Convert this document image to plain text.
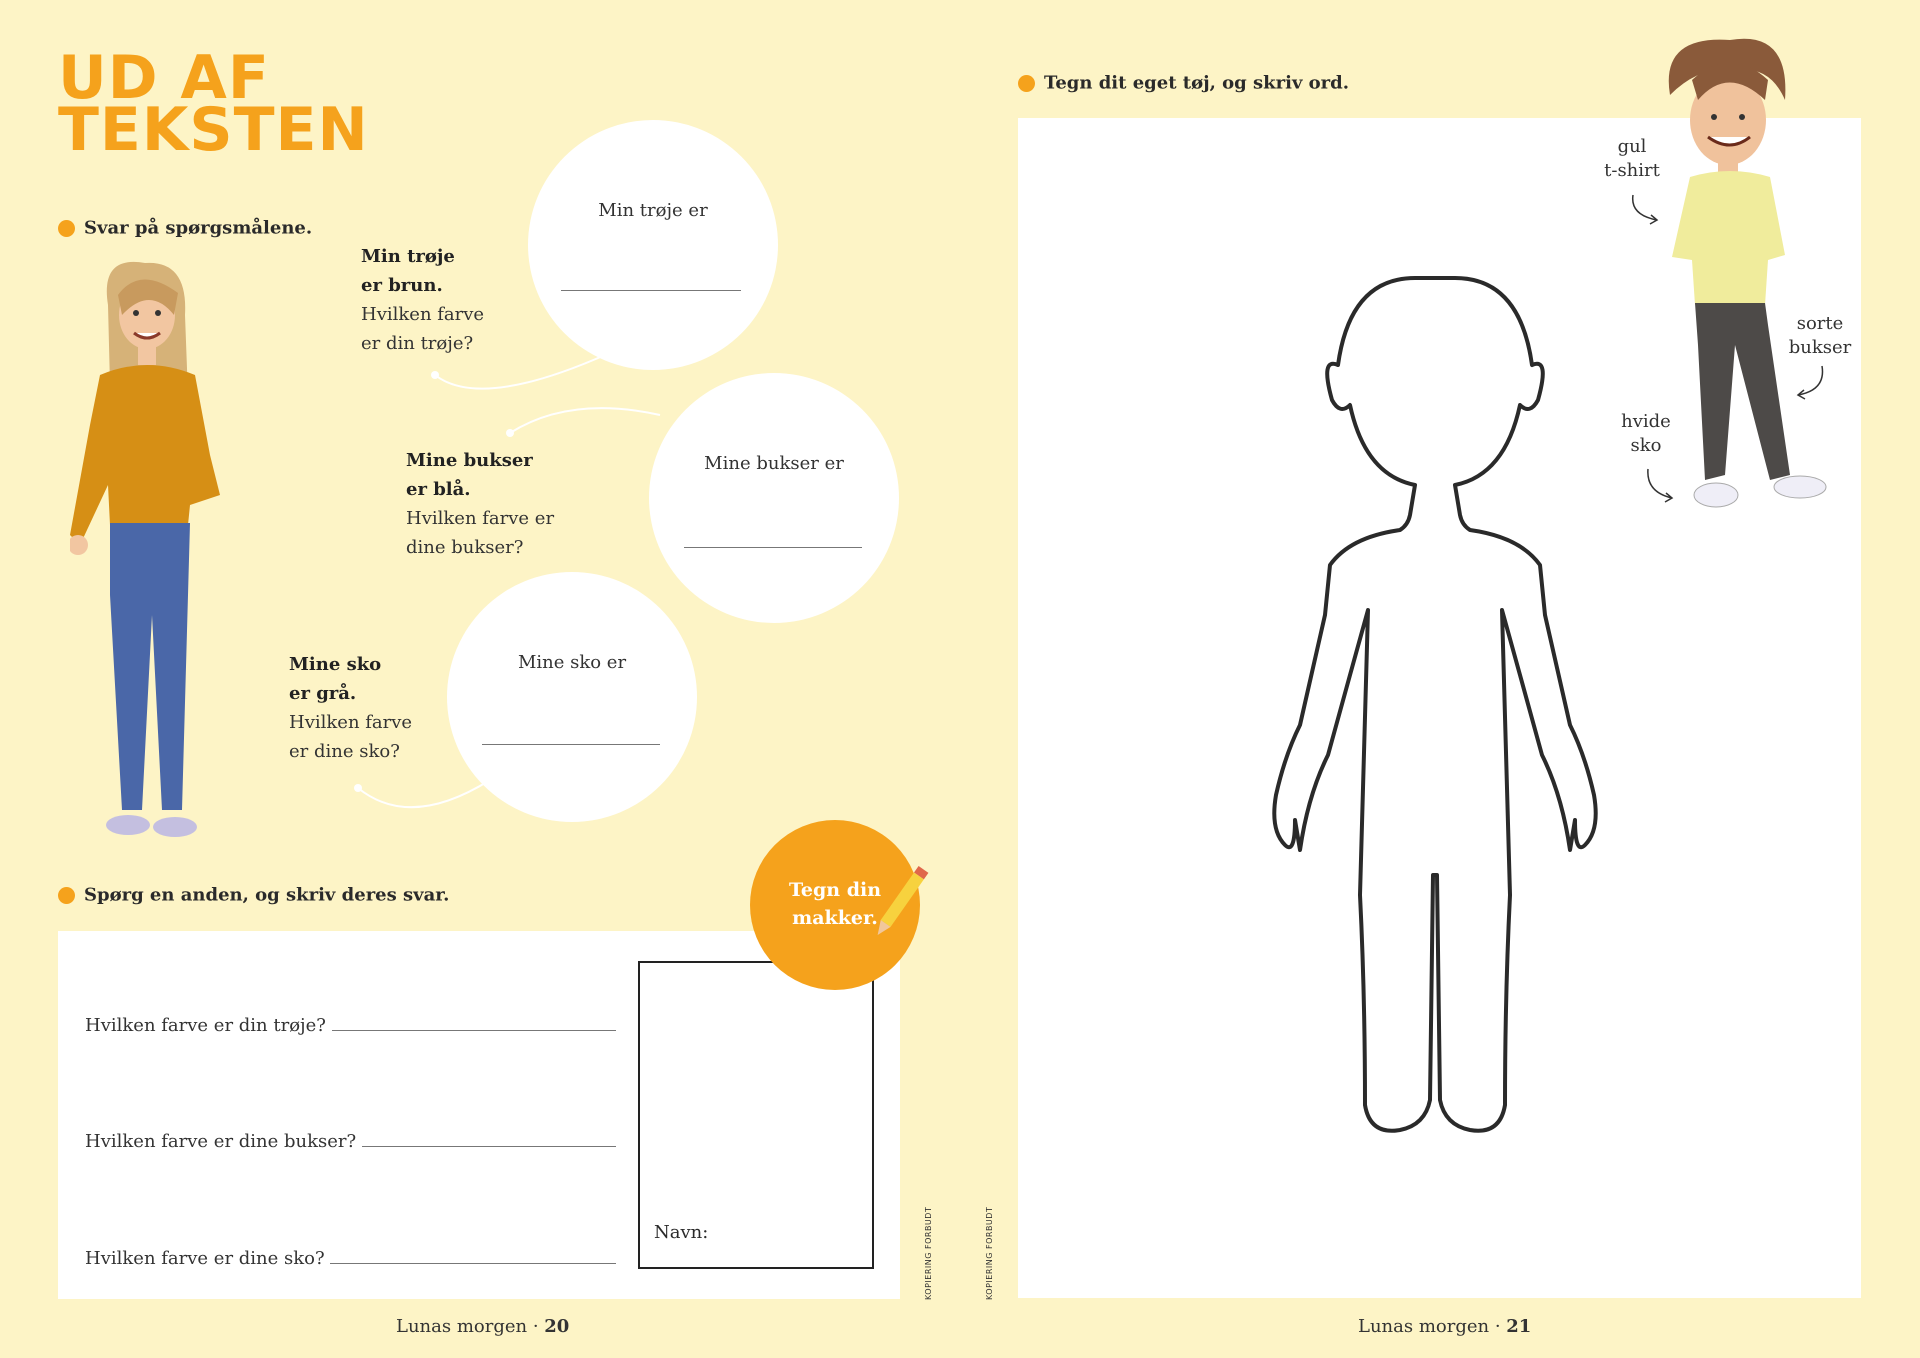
UD AF
TEKSTEN
Svar på spørgsmålene.
Min trøje
er brun.
Hvilken farve
er din trøje?
Mine bukser
er blå.
Hvilken farve er
dine bukser?
Mine sko
er grå.
Hvilken farve
er dine sko?
Min trøje er
Mine bukser er
Mine sko er
Spørg en anden, og skriv deres svar.
Hvilken farve er din trøje?
Hvilken farve er dine bukser?
Hvilken farve er dine sko?
Navn:
Tegn din
makker.
KOPIERING FORBUDT	KOPIERING FORBUDT
Lunas morgen · 20
Tegn dit eget tøj, og skriv ord.
gul
t-shirt
sorte
bukser
hvide
sko
Lunas morgen · 21
